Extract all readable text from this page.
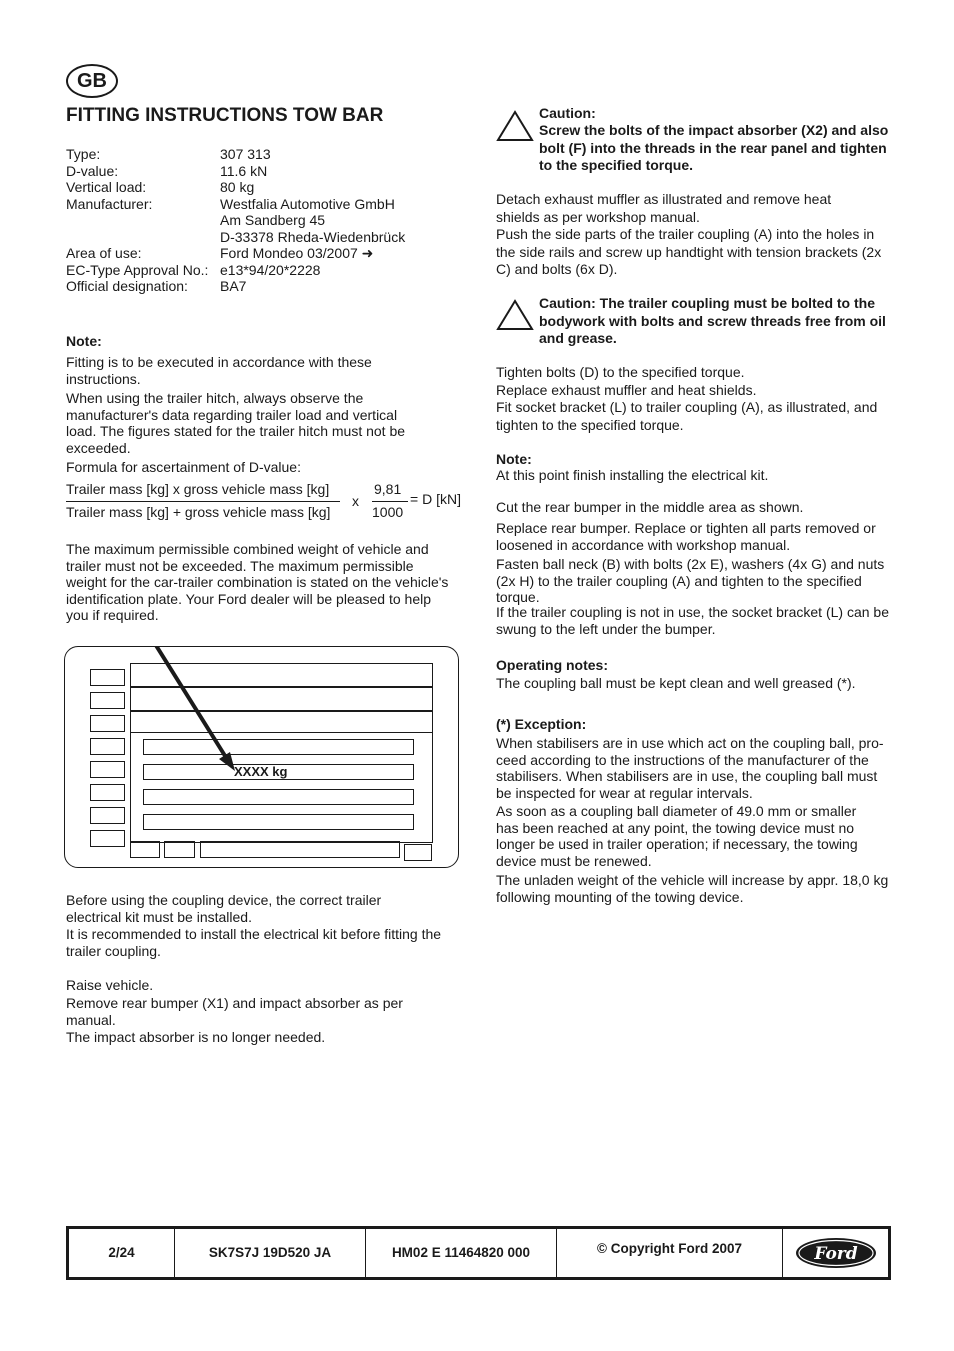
GB
FITTING INSTRUCTIONS TOW BAR
Type:	307 313
D-value:	11.6 kN
Vertical load:	80 kg
Manufacturer:	Westfalia Automotive GmbH
Am Sandberg 45
D-33378 Rheda-Wiedenbrück
Area of use:	Ford Mondeo 03/2007 ➜
EC-Type Approval No.: e13*94/20*2228
Official designation:	BA7

Note:

Fitting is to be executed in accordance with these instructions.

When using the trailer hitch, always observe the manufacturer's data regarding trailer load and vertical load. The figures stated for the trailer hitch must not be exceeded.

Formula for ascertainment of D-value:

Trailer mass [kg] x gross vehicle mass [kg]
Trailer mass [kg] + gross vehicle mass [kg]
x
9,81
1000
= D [kN]

The maximum permissible combined weight of vehicle and trailer must not be exceeded. The maximum permissible weight for the car-trailer combination is stated on the vehicle's identification plate. Your Ford dealer will be pleased to help you if required.

XXXX kg

Before using the coupling device, the correct trailer electrical kit must be installed.

It is recommended to install the electrical kit before fitting the trailer coupling.

Raise vehicle.

Remove rear bumper (X1) and impact absorber as per manual.

The impact absorber is no longer needed.

Caution:

Screw the bolts of the impact absorber (X2) and also bolt (F) into the threads in the rear panel and tighten to the specified torque.

Detach exhaust muffler as illustrated and remove heat shields as per workshop manual.

Push the side parts of the trailer coupling (A) into the holes in the side rails and screw up handtight with tension brackets (2x C) and bolts (6x D).

Caution: The trailer coupling must be bolted to the bodywork with bolts and screw threads free from oil and grease.

Tighten bolts (D) to the specified torque.

Replace exhaust muffler and heat shields.

Fit socket bracket (L) to trailer coupling (A), as illustrated, and tighten to the specified torque.

Note:

At this point finish installing the electrical kit.

Cut the rear bumper in the middle area as shown.

Replace rear bumper. Replace or tighten all parts removed or loosened in accordance with workshop manual.

Fasten ball neck (B) with bolts (2x E), washers (4x G) and nuts (2x H) to the trailer coupling (A) and tighten to the specified torque.

If the trailer coupling is not in use, the socket bracket (L) can be swung to the left under the bumper.

Operating notes:

The coupling ball must be kept clean and well greased (*).

(*) Exception:

When stabilisers are in use which act on the coupling ball, pro-ceed according to the instructions of the manufacturer of the stabilisers. When stabilisers are in use, the coupling ball must be inspected for wear at regular intervals.

As soon as a coupling ball diameter of 49.0 mm or smaller has been reached at any point, the towing device must no longer be used in trailer operation; if necessary, the towing device must be renewed.

The unladen weight of the vehicle will increase by appr. 18,0 kg following mounting of the towing device.

2/24	SK7S7J 19D520 JA	HM02 E 11464820 000	© Copyright Ford 2007	Ford
